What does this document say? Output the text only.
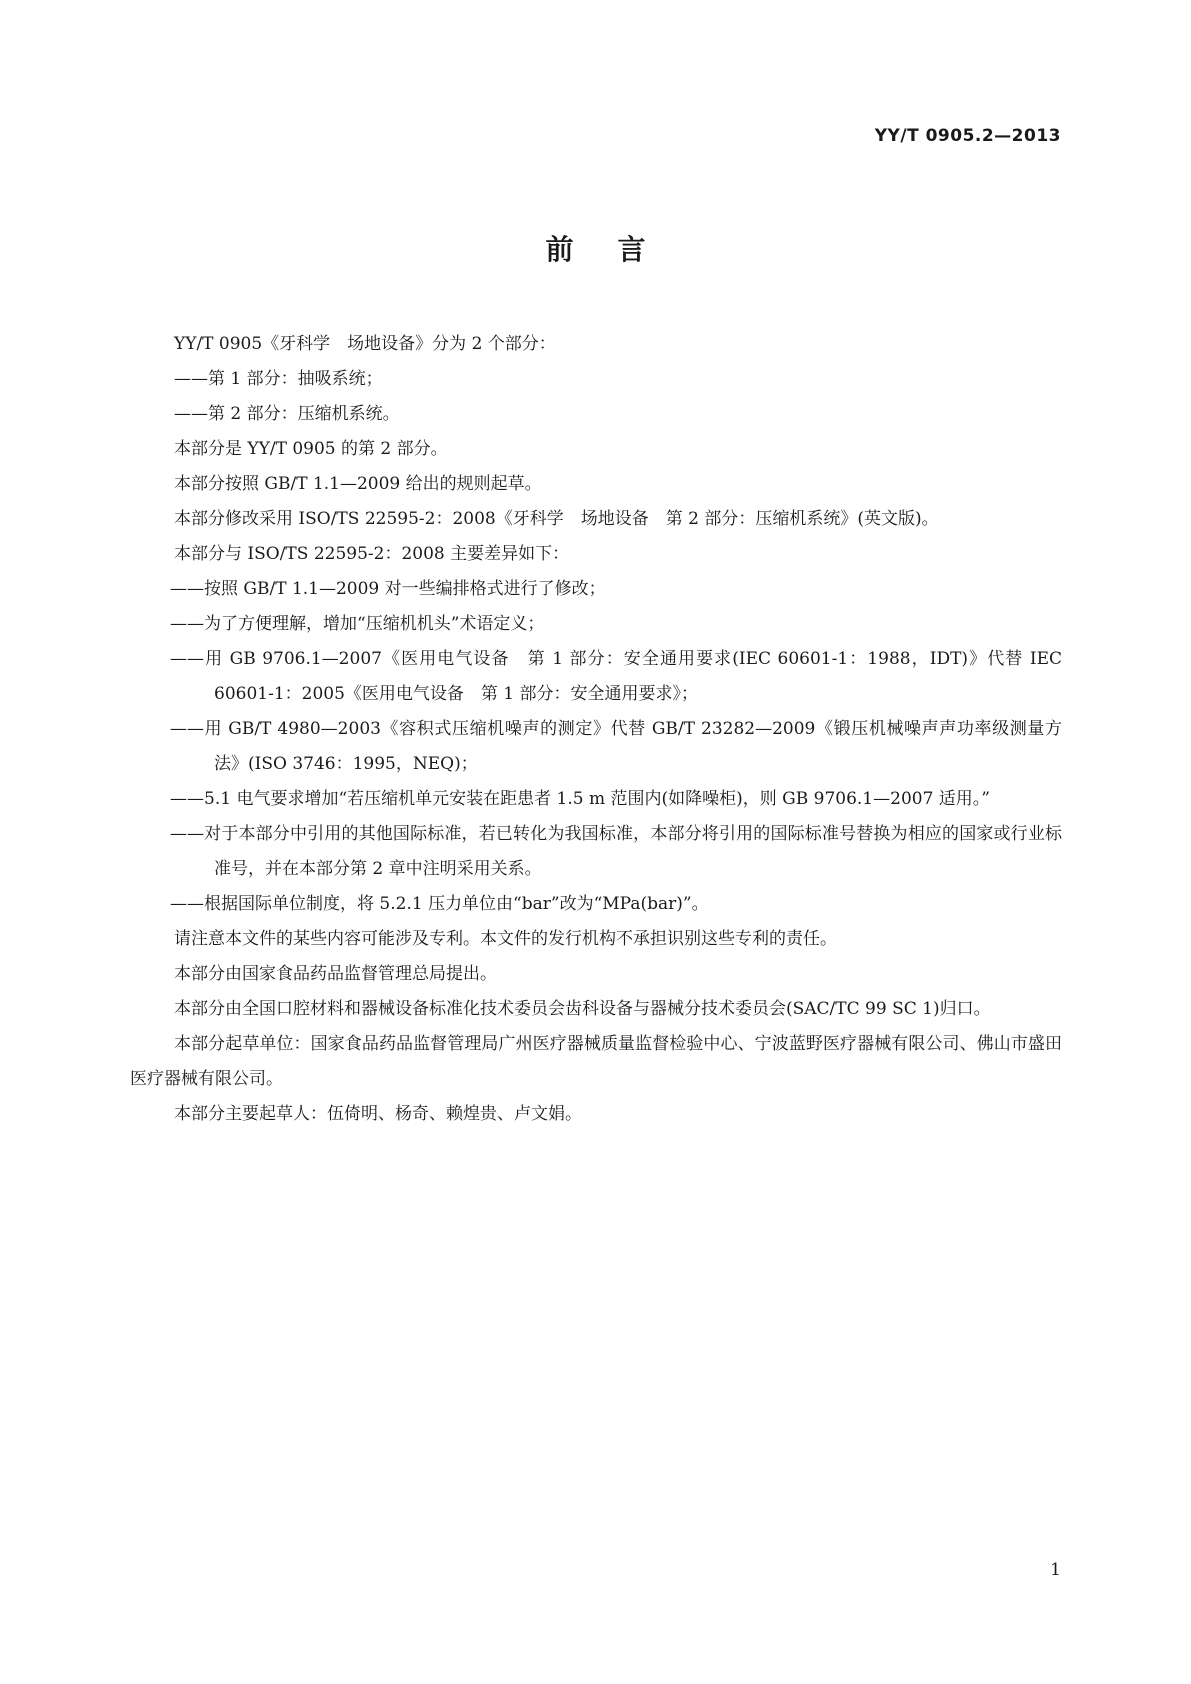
YY/T 0905.2—2013
前言

YY/T 0905《牙科学　场地设备》分为 2 个部分：

——第 1 部分：抽吸系统；

——第 2 部分：压缩机系统。

本部分是 YY/T 0905 的第 2 部分。

本部分按照 GB/T 1.1—2009 给出的规则起草。

本部分修改采用 ISO/TS 22595-2：2008《牙科学　场地设备　第 2 部分：压缩机系统》(英文版)。

本部分与 ISO/TS 22595-2：2008 主要差异如下：

——按照 GB/T 1.1—2009 对一些编排格式进行了修改；

——为了方便理解，增加“压缩机机头”术语定义；

——用 GB 9706.1—2007《医用电气设备　第 1 部分：安全通用要求(IEC 60601-1：1988，IDT)》代替 IEC 60601-1：2005《医用电气设备　第 1 部分：安全通用要求》；

——用 GB/T 4980—2003《容积式压缩机噪声的测定》代替 GB/T 23282—2009《锻压机械噪声声功率级测量方法》(ISO 3746：1995，NEQ)；

——5.1 电气要求增加“若压缩机单元安装在距患者 1.5 m 范围内(如降噪柜)，则 GB 9706.1—2007 适用。”

——对于本部分中引用的其他国际标准，若已转化为我国标准，本部分将引用的国际标准号替换为相应的国家或行业标准号，并在本部分第 2 章中注明采用关系。

——根据国际单位制度，将 5.2.1 压力单位由“bar”改为“MPa(bar)”。

请注意本文件的某些内容可能涉及专利。本文件的发行机构不承担识别这些专利的责任。

本部分由国家食品药品监督管理总局提出。

本部分由全国口腔材料和器械设备标准化技术委员会齿科设备与器械分技术委员会(SAC/TC 99 SC 1)归口。

本部分起草单位：国家食品药品监督管理局广州医疗器械质量监督检验中心、宁波蓝野医疗器械有限公司、佛山市盛田医疗器械有限公司。

本部分主要起草人：伍倚明、杨奇、赖煌贵、卢文娟。

1
